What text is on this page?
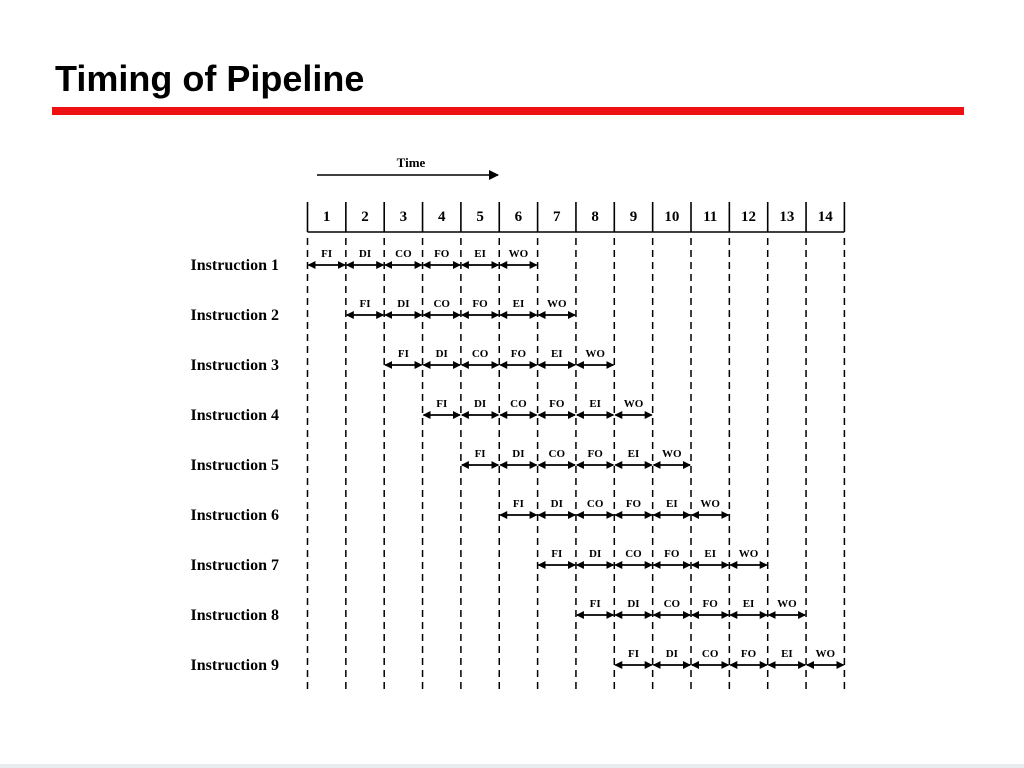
Timing of Pipeline
Time
1 2 3 4 5 6 7 8 9 10 11 12 13 14
Instruction 1
FI DI CO FO EI WO
Instruction 2
FI DI CO FO EI WO
Instruction 3
FI DI CO FO EI WO
Instruction 4
FI DI CO FO EI WO
Instruction 5
FI DI CO FO EI WO
Instruction 6
FI DI CO FO EI WO
Instruction 7
FI DI CO FO EI WO
Instruction 8
FI DI CO FO EI WO
Instruction 9
FI DI CO FO EI WO
